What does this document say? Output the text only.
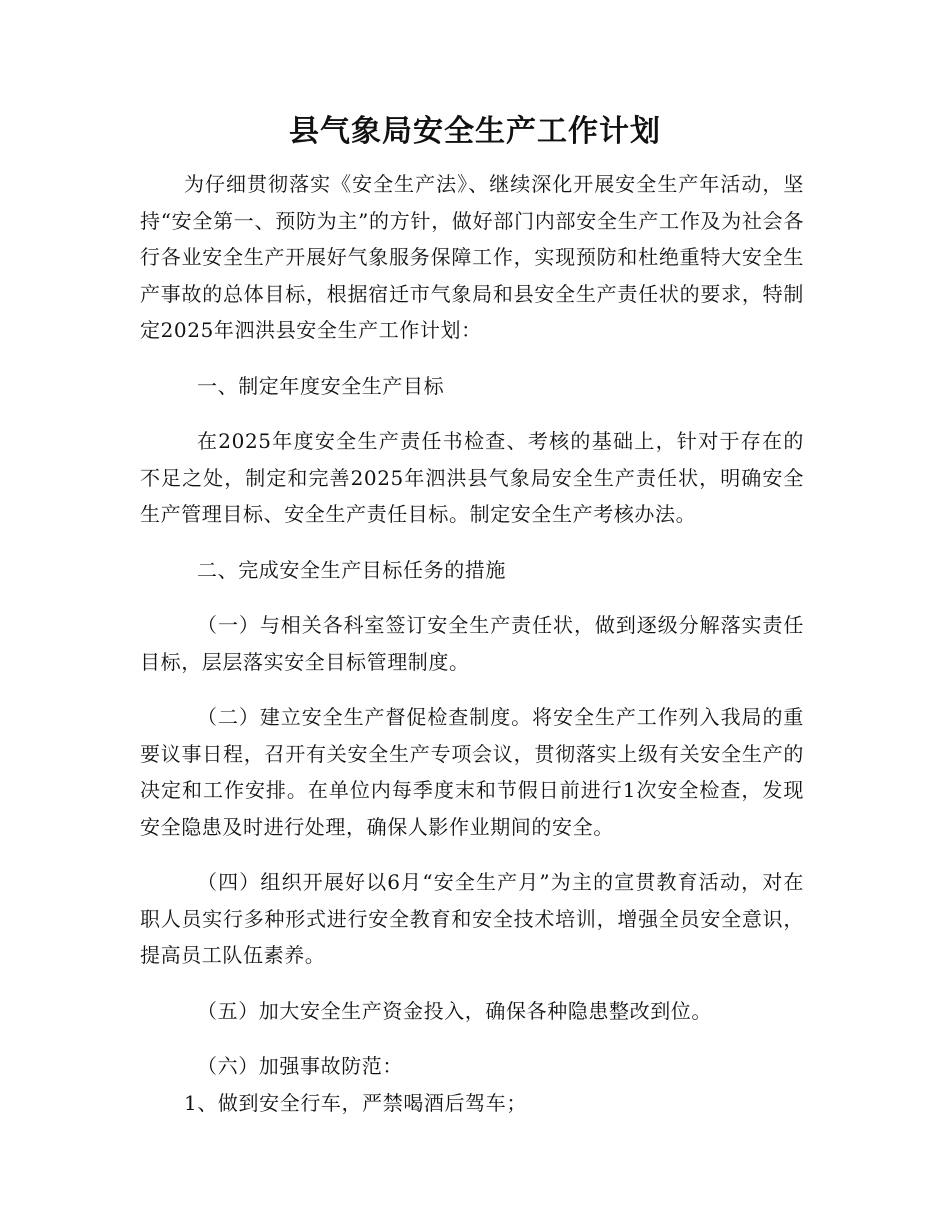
县气象局安全生产工作计划

为仔细贯彻落实《安全生产法》、继续深化开展安全生产年活动，坚持“安全第一、预防为主”的方针，做好部门内部安全生产工作及为社会各行各业安全生产开展好气象服务保障工作，实现预防和杜绝重特大安全生产事故的总体目标，根据宿迁市气象局和县安全生产责任状的要求，特制定2025年泗洪县安全生产工作计划：

一、制定年度安全生产目标

在2025年度安全生产责任书检查、考核的基础上，针对于存在的不足之处，制定和完善2025年泗洪县气象局安全生产责任状，明确安全生产管理目标、安全生产责任目标。制定安全生产考核办法。

二、完成安全生产目标任务的措施

（一）与相关各科室签订安全生产责任状，做到逐级分解落实责任目标，层层落实安全目标管理制度。

（二）建立安全生产督促检查制度。将安全生产工作列入我局的重要议事日程，召开有关安全生产专项会议，贯彻落实上级有关安全生产的决定和工作安排。在单位内每季度末和节假日前进行1次安全检查，发现安全隐患及时进行处理，确保人影作业期间的安全。

（四）组织开展好以6月“安全生产月”为主的宣贯教育活动，对在职人员实行多种形式进行安全教育和安全技术培训，增强全员安全意识，提高员工队伍素养。

（五）加大安全生产资金投入，确保各种隐患整改到位。

（六）加强事故防范：

1、做到安全行车，严禁喝酒后驾车；
